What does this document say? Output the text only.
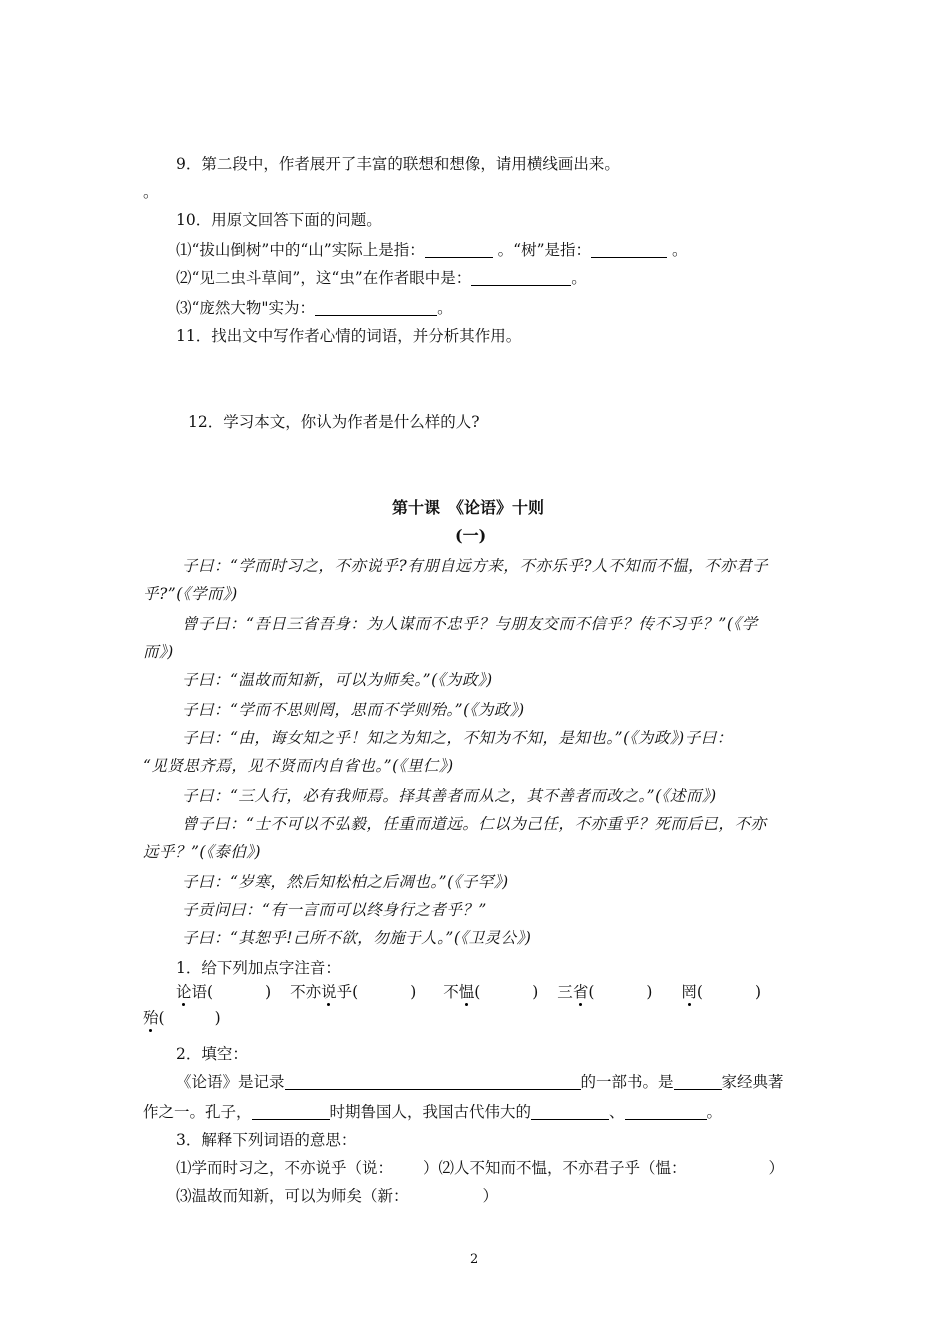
9．第二段中，作者展开了丰富的联想和想像，请用横线画出来。
。
10．用原文回答下面的问题。
⑴“拔山倒树”中的“山”实际上是指：	。“树”是指：	。
⑵“见二虫斗草间”，这“虫”在作者眼中是：	。
⑶“庞然大物"实为：	。
11．找出文中写作者心情的词语，并分析其作用。
12．学习本文，你认为作者是什么样的人?
第十课　《论语》十则
(一)
子曰：“学而时习之，不亦说乎?有朋自远方来，不亦乐乎?人不知而不愠，不亦君子
乎?”(《学而》)
曾子曰：“吾日三省吾身：为人谋而不忠乎？与朋友交而不信乎？传不习乎？”(《学
而》)
子曰：“温故而知新，可以为师矣。”(《为政》)
子曰：“学而不思则罔，思而不学则殆。”(《为政》)
子曰：“由，诲女知之乎！知之为知之，不知为不知，是知也。”(《为政》)子曰：
“见贤思齐焉，见不贤而内自省也。”(《里仁》)
子曰：“三人行，必有我师焉。择其善者而从之，其不善者而改之。”(《述而》)
曾子曰：“士不可以不弘毅，任重而道远。仁以为己任，不亦重乎？死而后已，不亦
远乎？”(《泰伯》)
子曰：“岁寒，然后知松柏之后凋也。”(《子罕》)
子贡问曰：“有一言而可以终身行之者乎？”
子曰：“其恕乎!己所不欲，勿施于人。”(《卫灵公》)
1．给下列加点字注音：
论语(	) 不亦说乎(	) 不愠(	) 三省(	) 罔(	)
殆(	)
2．填空：
《论语》是记录	的一部书。是	家经典著
作之一。孔子，	时期鲁国人，我国古代伟大的	、	。
3．解释下列词语的意思：
⑴学而时习之，不亦说乎（说： ）⑵人不知而不愠，不亦君子乎（愠：	）
⑶温故而知新，可以为师矣（新：	）
2
